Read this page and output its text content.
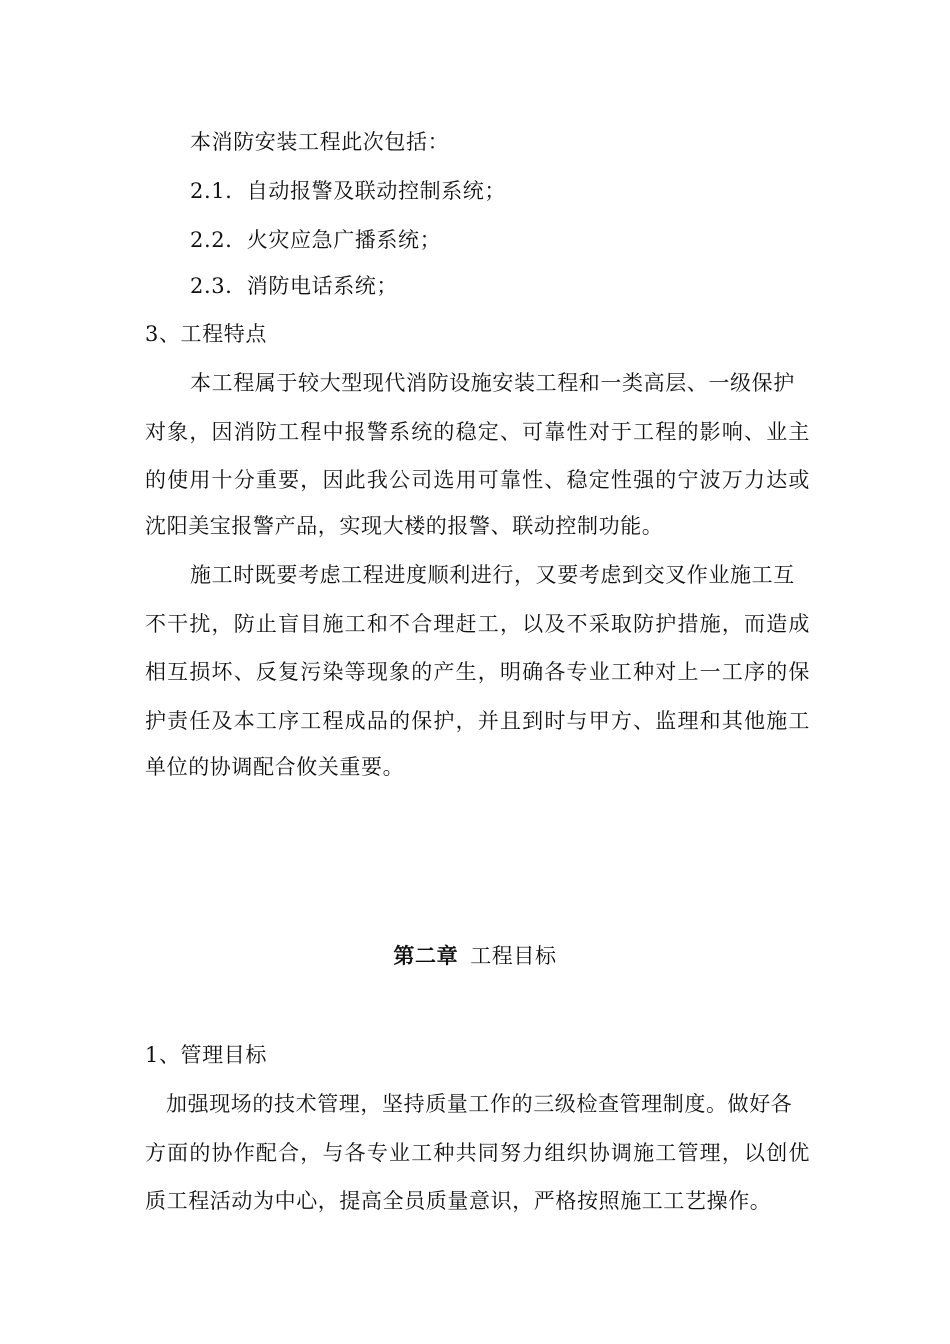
本消防安装工程此次包括：
2.1．自动报警及联动控制系统；
2.2．火灾应急广播系统；
2.3．消防电话系统；
3、工程特点
本工程属于较大型现代消防设施安装工程和一类高层、一级保护
对象，因消防工程中报警系统的稳定、可靠性对于工程的影响、业主
的使用十分重要，因此我公司选用可靠性、稳定性强的宁波万力达或
沈阳美宝报警产品，实现大楼的报警、联动控制功能。
施工时既要考虑工程进度顺利进行，又要考虑到交叉作业施工互
不干扰，防止盲目施工和不合理赶工，以及不采取防护措施，而造成
相互损坏、反复污染等现象的产生，明确各专业工种对上一工序的保
护责任及本工序工程成品的保护，并且到时与甲方、监理和其他施工
单位的协调配合攸关重要。
第二章 工程目标
1、管理目标
加强现场的技术管理，坚持质量工作的三级检查管理制度。做好各
方面的协作配合，与各专业工种共同努力组织协调施工管理，以创优
质工程活动为中心，提高全员质量意识，严格按照施工工艺操作。
